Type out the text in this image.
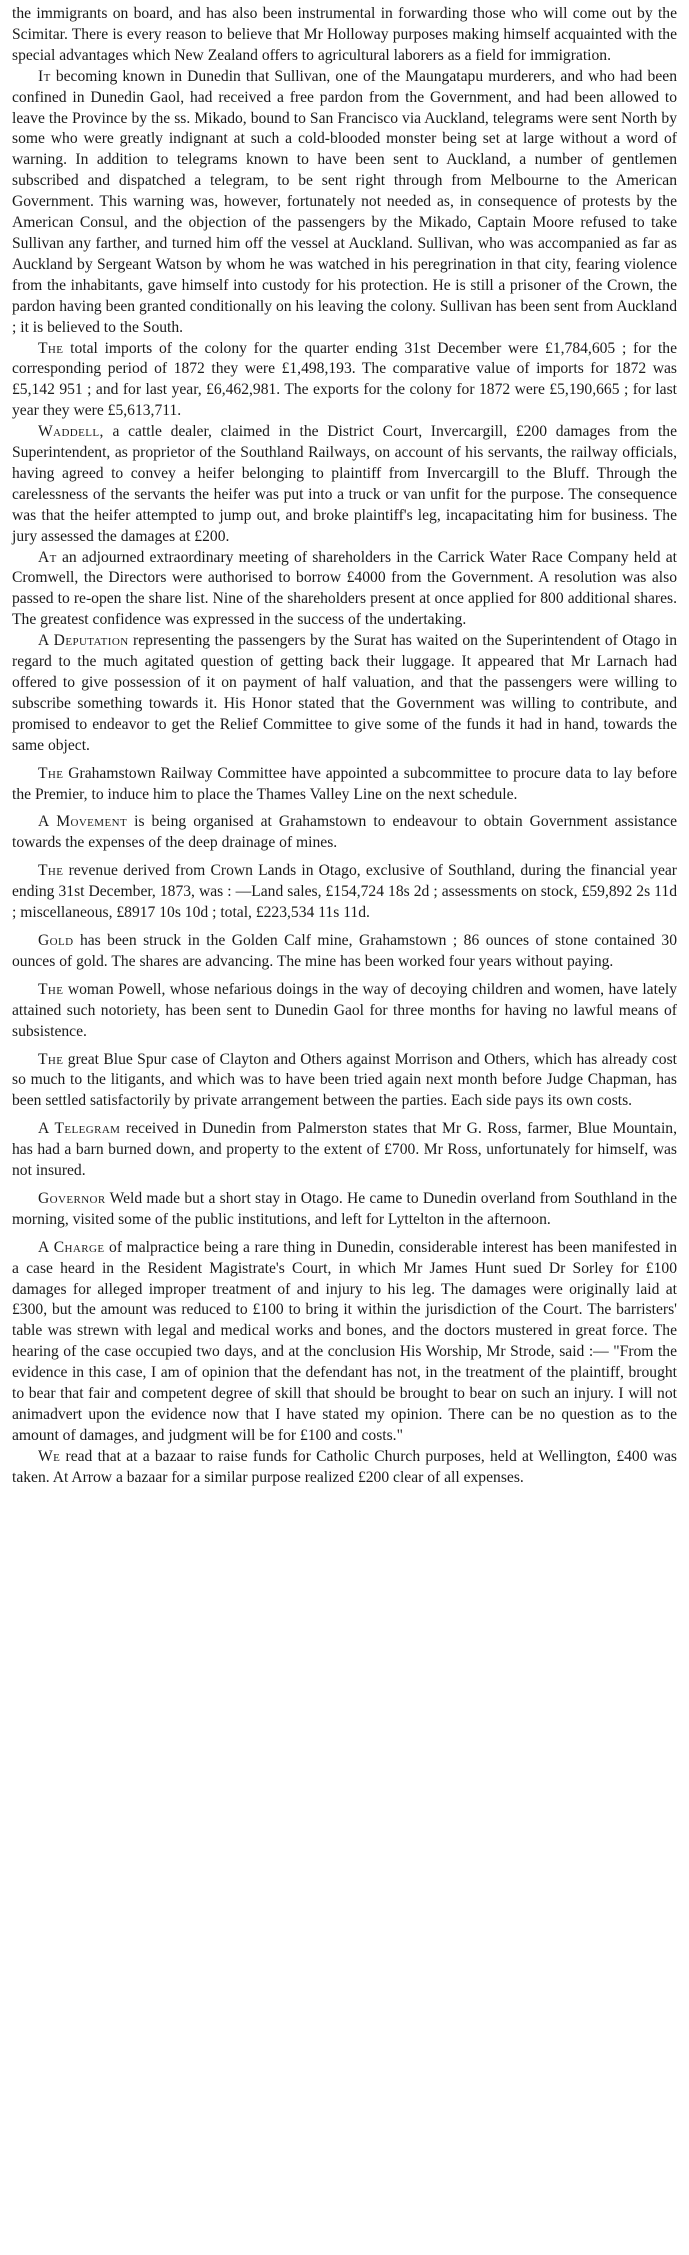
the immigrants on board, and has also been instrumental in forwarding those who will come out by the Scimitar. There is every reason to believe that Mr Holloway purposes making himself acquainted with the special advantages which New Zealand offers to agricultural laborers as a field for immigration.

It becoming known in Dunedin that Sullivan, one of the Maungatapu murderers, and who had been confined in Dunedin Gaol, had received a free pardon from the Government, and had been allowed to leave the Province by the ss. Mikado, bound to San Francisco via Auckland, telegrams were sent North by some who were greatly indignant at such a cold-blooded monster being set at large without a word of warning. In addition to telegrams known to have been sent to Auckland, a number of gentlemen subscribed and dispatched a telegram, to be sent right through from Melbourne to the American Government. This warning was, however, fortunately not needed as, in consequence of protests by the American Consul, and the objection of the passengers by the Mikado, Captain Moore refused to take Sullivan any farther, and turned him off the vessel at Auckland. Sullivan, who was accompanied as far as Auckland by Sergeant Watson by whom he was watched in his peregrination in that city, fearing violence from the inhabitants, gave himself into custody for his protection. He is still a prisoner of the Crown, the pardon having been granted conditionally on his leaving the colony. Sullivan has been sent from Auckland ; it is believed to the South.

The total imports of the colony for the quarter ending 31st December were £1,784,605 ; for the corresponding period of 1872 they were £1,498,193. The comparative value of imports for 1872 was £5,142 951 ; and for last year, £6,462,981. The exports for the colony for 1872 were £5,190,665 ; for last year they were £5,613,711.

Waddell, a cattle dealer, claimed in the District Court, Invercargill, £200 damages from the Superintendent, as proprietor of the Southland Railways, on account of his servants, the railway officials, having agreed to convey a heifer belonging to plaintiff from Invercargill to the Bluff. Through the carelessness of the servants the heifer was put into a truck or van unfit for the purpose. The consequence was that the heifer attempted to jump out, and broke plaintiff's leg, incapacitating him for business. The jury assessed the damages at £200.

At an adjourned extraordinary meeting of shareholders in the Carrick Water Race Company held at Cromwell, the Directors were authorised to borrow £4000 from the Government. A resolution was also passed to re-open the share list. Nine of the shareholders present at once applied for 800 additional shares. The greatest confidence was expressed in the success of the undertaking.

A Deputation representing the passengers by the Surat has waited on the Superintendent of Otago in regard to the much agitated question of getting back their luggage. It appeared that Mr Larnach had offered to give possession of it on payment of half valuation, and that the passengers were willing to subscribe something towards it. His Honor stated that the Government was willing to contribute, and promised to endeavor to get the Relief Committee to give some of the funds it had in hand, towards the same object.

The Grahamstown Railway Committee have appointed a subcommittee to procure data to lay before the Premier, to induce him to place the Thames Valley Line on the next schedule.

A Movement is being organised at Grahamstown to endeavour to obtain Government assistance towards the expenses of the deep drainage of mines.

The revenue derived from Crown Lands in Otago, exclusive of Southland, during the financial year ending 31st December, 1873, was : —Land sales, £154,724 18s 2d ; assessments on stock, £59,892 2s 11d ; miscellaneous, £8917 10s 10d ; total, £223,534 11s 11d.

Gold has been struck in the Golden Calf mine, Grahamstown ; 86 ounces of stone contained 30 ounces of gold. The shares are advancing. The mine has been worked four years without paying.

The woman Powell, whose nefarious doings in the way of decoying children and women, have lately attained such notoriety, has been sent to Dunedin Gaol for three months for having no lawful means of subsistence.

The great Blue Spur case of Clayton and Others against Morrison and Others, which has already cost so much to the litigants, and which was to have been tried again next month before Judge Chapman, has been settled satisfactorily by private arrangement between the parties. Each side pays its own costs.

A Telegram received in Dunedin from Palmerston states that Mr G. Ross, farmer, Blue Mountain, has had a barn burned down, and property to the extent of £700. Mr Ross, unfortunately for himself, was not insured.

Governor Weld made but a short stay in Otago. He came to Dunedin overland from Southland in the morning, visited some of the public institutions, and left for Lyttelton in the afternoon.

A Charge of malpractice being a rare thing in Dunedin, considerable interest has been manifested in a case heard in the Resident Magistrate's Court, in which Mr James Hunt sued Dr Sorley for £100 damages for alleged improper treatment of and injury to his leg. The damages were originally laid at £300, but the amount was reduced to £100 to bring it within the jurisdiction of the Court. The barristers' table was strewn with legal and medical works and bones, and the doctors mustered in great force. The hearing of the case occupied two days, and at the conclusion His Worship, Mr Strode, said :— "From the evidence in this case, I am of opinion that the defendant has not, in the treatment of the plaintiff, brought to bear that fair and competent degree of skill that should be brought to bear on such an injury. I will not animadvert upon the evidence now that I have stated my opinion. There can be no question as to the amount of damages, and judgment will be for £100 and costs."

We read that at a bazaar to raise funds for Catholic Church purposes, held at Wellington, £400 was taken. At Arrow a bazaar for a similar purpose realized £200 clear of all expenses.
